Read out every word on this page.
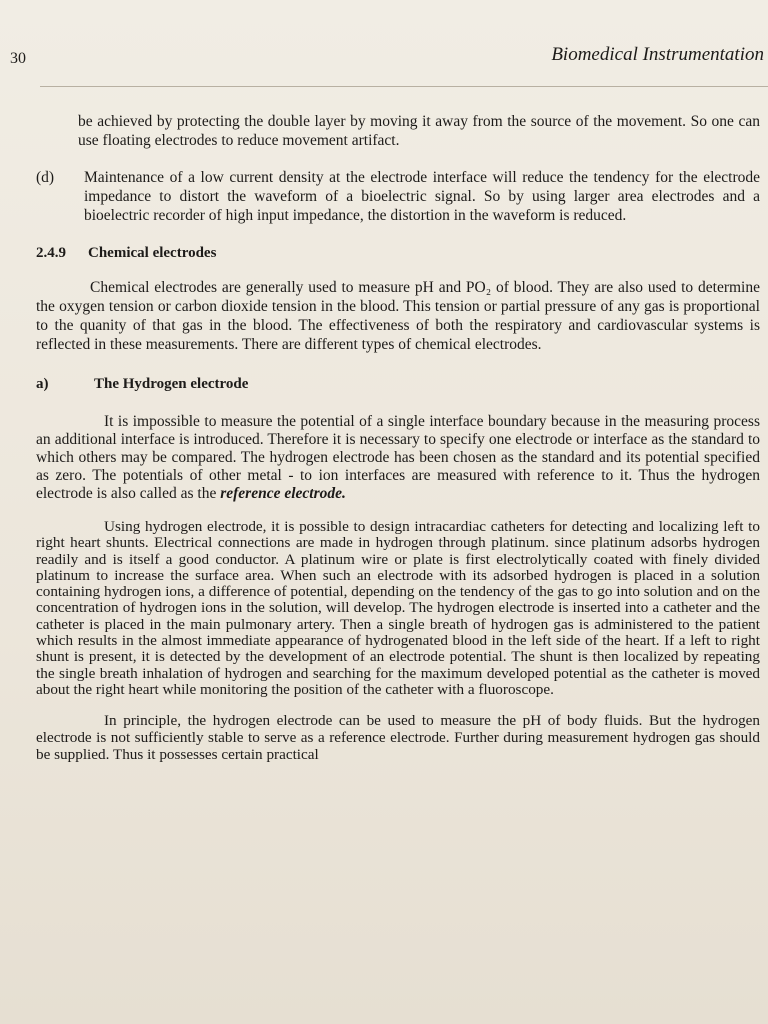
30	Biomedical Instrumentation

be achieved by protecting the double layer by moving it away from the source of the movement. So one can use floating electrodes to reduce movement artifact.

(d)	Maintenance of a low current density at the electrode interface will reduce the tendency for the electrode impedance to distort the waveform of a bioelectric signal. So by using larger area electrodes and a bioelectric recorder of high input impedance, the distortion in the waveform is reduced.

2.4.9	Chemical electrodes

Chemical electrodes are generally used to measure pH and PO₂ of blood. They are also used to determine the oxygen tension or carbon dioxide tension in the blood. This tension or partial pressure of any gas is proportional to the quanity of that gas in the blood. The effectiveness of both the respiratory and cardiovascular systems is reflected in these measurements. There are different types of chemical electrodes.

a)	The Hydrogen electrode

It is impossible to measure the potential of a single interface boundary because in the measuring process an additional interface is introduced. Therefore it is necessary to specify one electrode or interface as the standard to which others may be compared. The hydrogen electrode has been chosen as the standard and its potential specified as zero. The potentials of other metal - to ion interfaces are measured with reference to it. Thus the hydrogen electrode is also called as the reference electrode.

Using hydrogen electrode, it is possible to design intracardiac catheters for detecting and localizing left to right heart shunts. Electrical connections are made in hydrogen through platinum. since platinum adsorbs hydrogen readily and is itself a good conductor. A platinum wire or plate is first electrolytically coated with finely divided platinum to increase the surface area. When such an electrode with its adsorbed hydrogen is placed in a solution containing hydrogen ions, a difference of potential, depending on the tendency of the gas to go into solution and on the concentration of hydrogen ions in the solution, will develop. The hydrogen electrode is inserted into a catheter and the catheter is placed in the main pulmonary artery. Then a single breath of hydrogen gas is administered to the patient which results in the almost immediate appearance of hydrogenated blood in the left side of the heart. If a left to right shunt is present, it is detected by the development of an electrode potential. The shunt is then localized by repeating the single breath inhalation of hydrogen and searching for the maximum developed potential as the catheter is moved about the right heart while monitoring the position of the catheter with a fluoroscope.

In principle, the hydrogen electrode can be used to measure the pH of body fluids. But the hydrogen electrode is not sufficiently stable to serve as a reference electrode. Further during measurement hydrogen gas should be supplied. Thus it possesses certain practical
